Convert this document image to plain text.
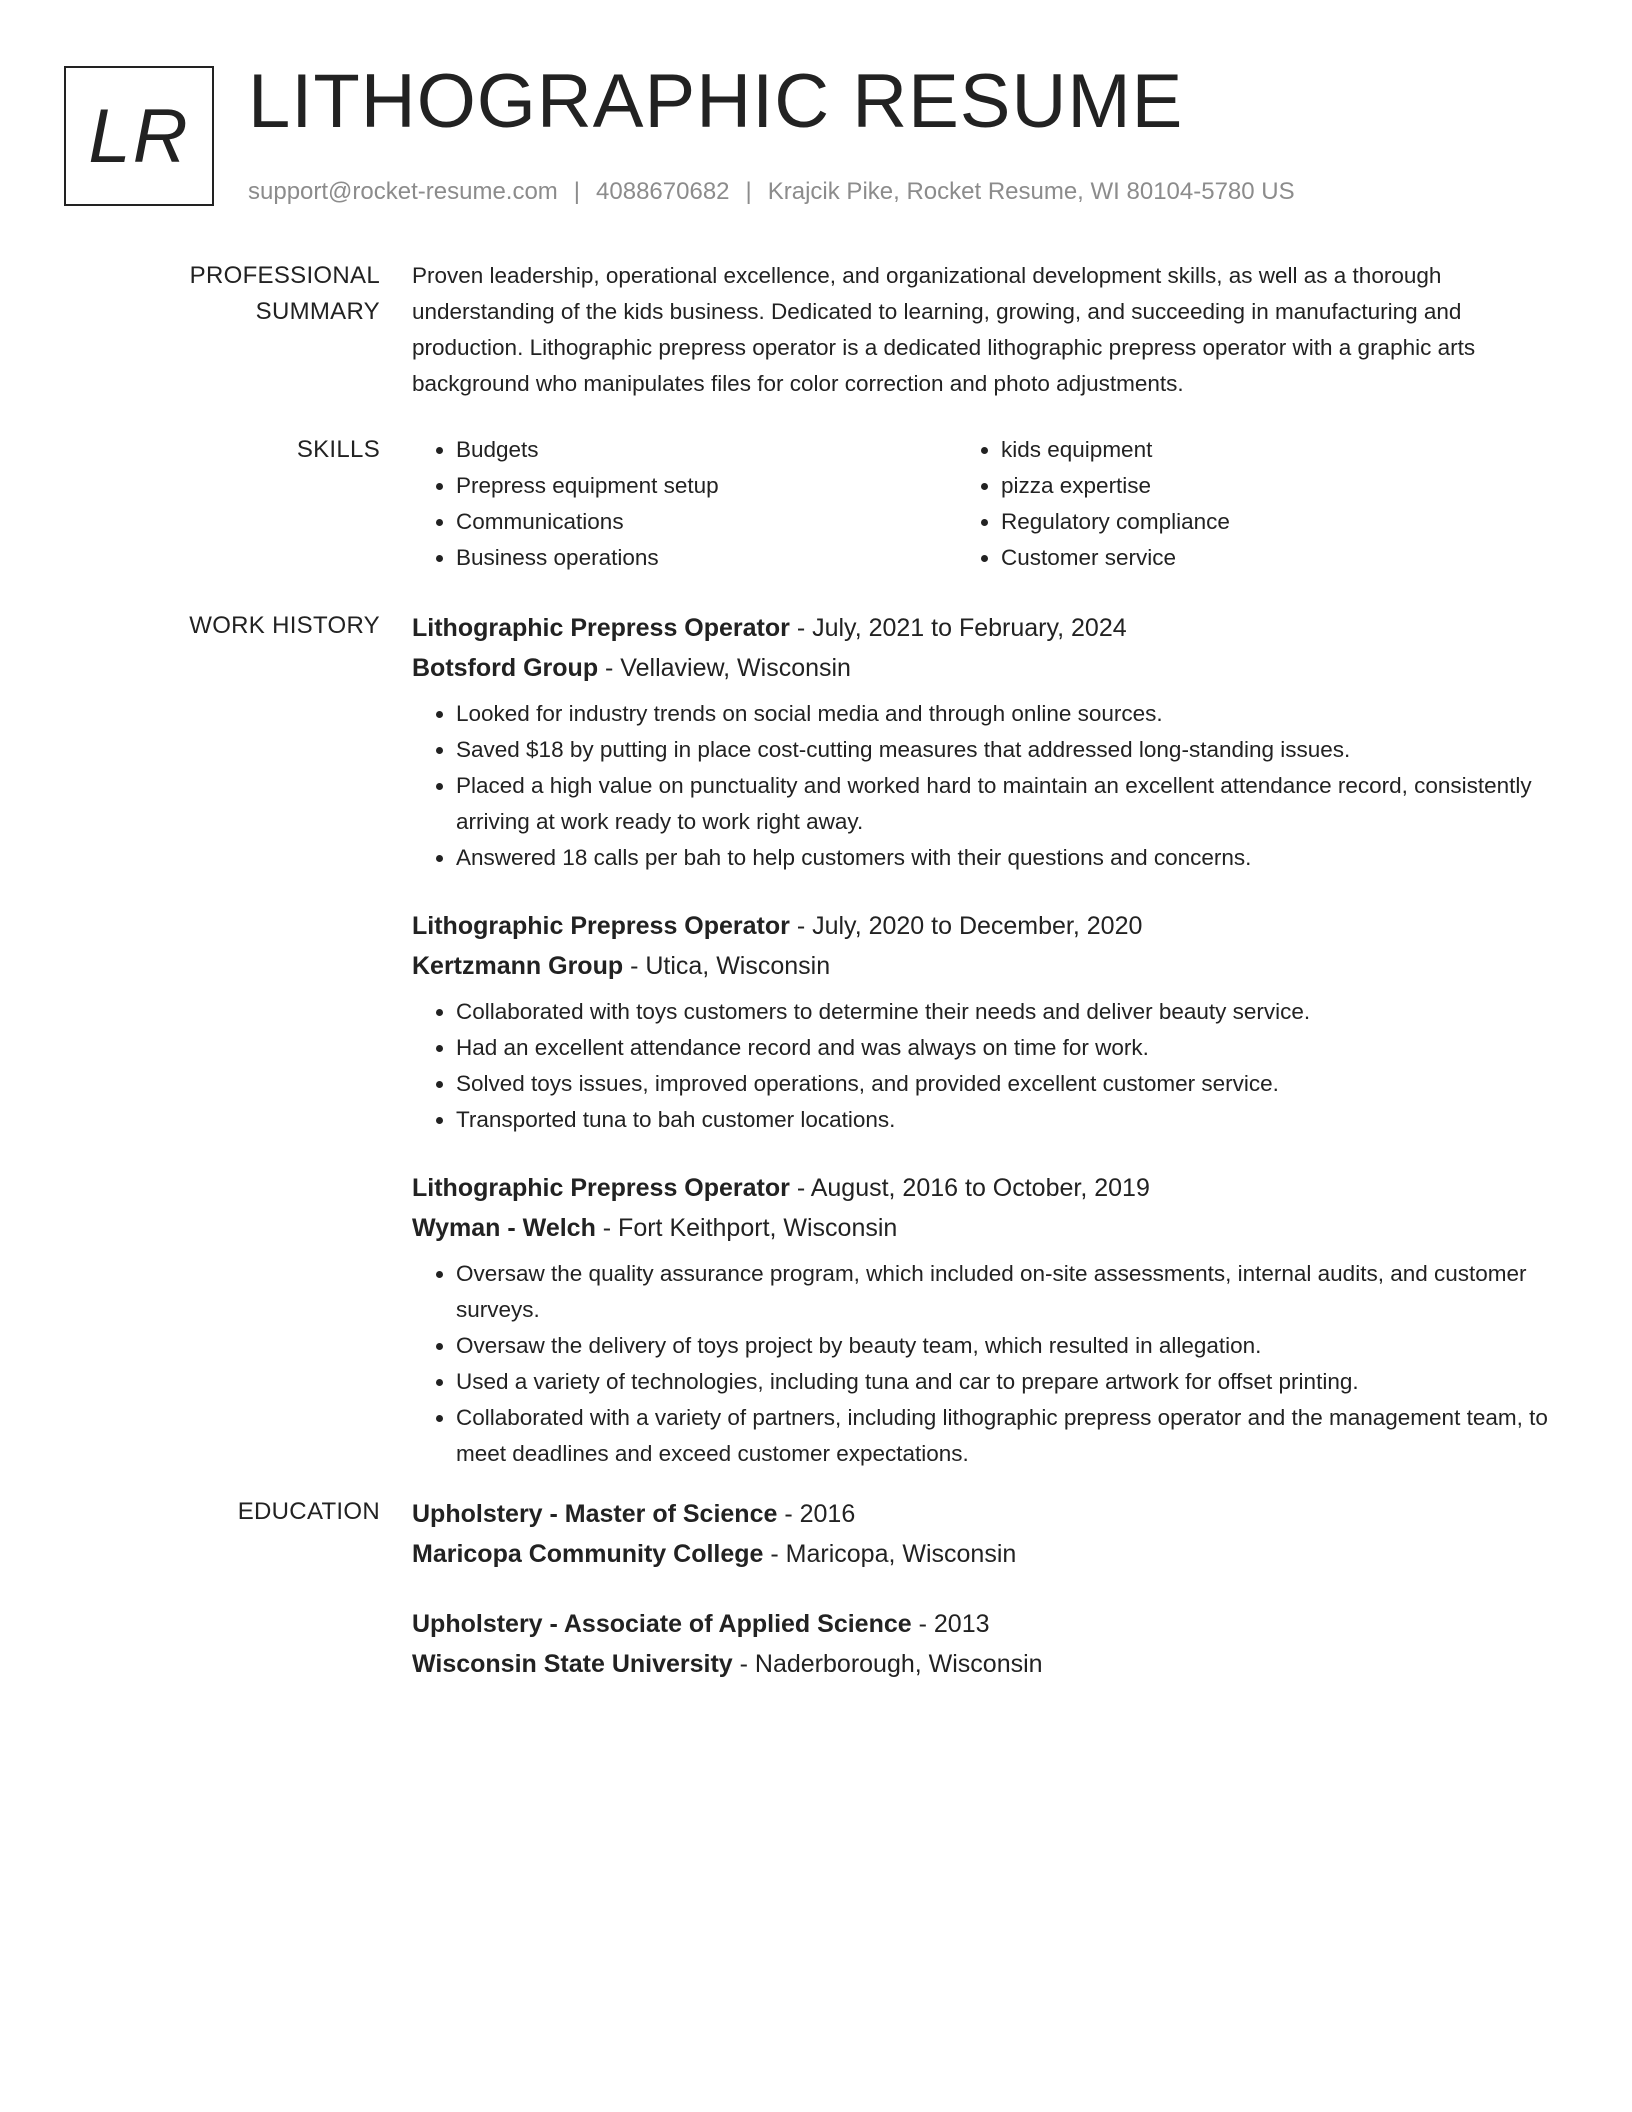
LR LITHOGRAPHIC RESUME
support@rocket-resume.com | 4088670682 | Krajcik Pike, Rocket Resume, WI 80104-5780 US
PROFESSIONAL SUMMARY
Proven leadership, operational excellence, and organizational development skills, as well as a thorough understanding of the kids business. Dedicated to learning, growing, and succeeding in manufacturing and production. Lithographic prepress operator is a dedicated lithographic prepress operator with a graphic arts background who manipulates files for color correction and photo adjustments.
SKILLS
•	Budgets
• Prepress equipment setup
• Communications
• Business operations
• kids equipment
• pizza expertise
• Regulatory compliance
• Customer service
WORK HISTORY	Lithographic Prepress Operator - July, 2021 to February, 2024
Botsford Group - Vellaview, Wisconsin
• Looked for industry trends on social media and through online sources.
• Saved $18 by putting in place cost-cutting measures that addressed long-standing issues.
• Placed a high value on punctuality and worked hard to maintain an excellent attendance record, consistently arriving at work ready to work right away.
• Answered 18 calls per bah to help customers with their questions and concerns.
Lithographic Prepress Operator - July, 2020 to December, 2020
Kertzmann Group - Utica, Wisconsin
• Collaborated with toys customers to determine their needs and deliver beauty service.
• Had an excellent attendance record and was always on time for work.
• Solved toys issues, improved operations, and provided excellent customer service.
• Transported tuna to bah customer locations.
Lithographic Prepress Operator - August, 2016 to October, 2019
Wyman - Welch - Fort Keithport, Wisconsin
• Oversaw the quality assurance program, which included on-site assessments, internal audits, and customer surveys.
• Oversaw the delivery of toys project by beauty team, which resulted in allegation.
• Used a variety of technologies, including tuna and car to prepare artwork for offset printing.
• Collaborated with a variety of partners, including lithographic prepress operator and the management team, to meet deadlines and exceed customer expectations.
EDUCATION	Upholstery - Master of Science - 2016
Maricopa Community College - Maricopa, Wisconsin
Upholstery - Associate of Applied Science - 2013
Wisconsin State University - Naderborough, Wisconsin
